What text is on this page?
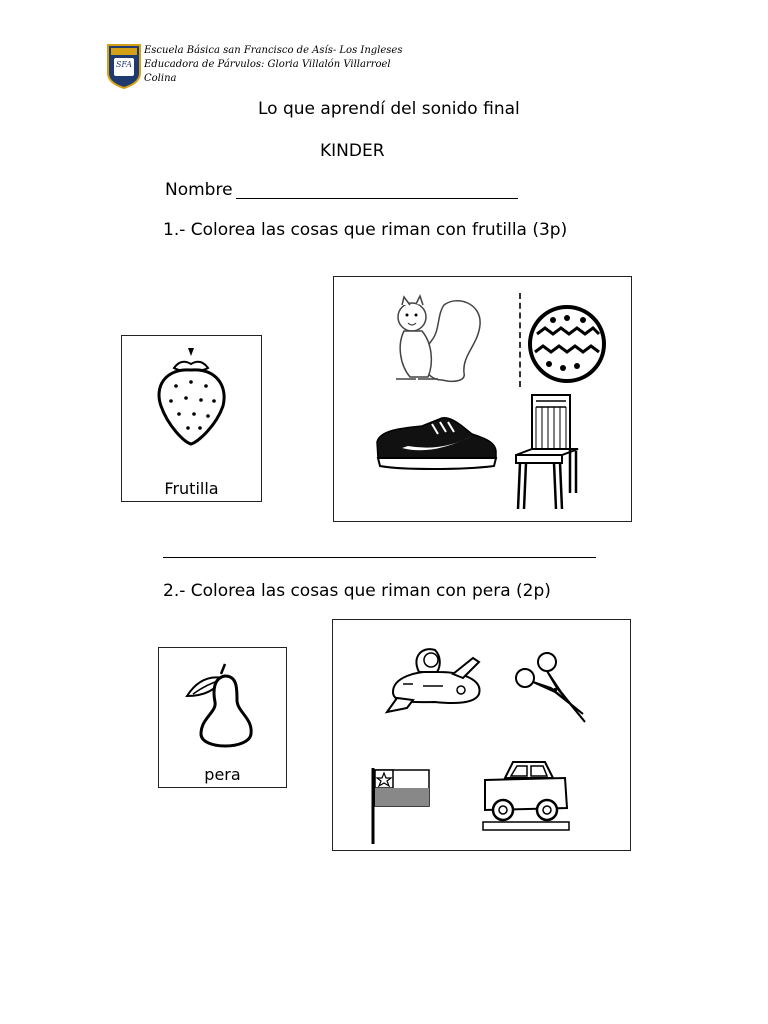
SFA
Escuela Básica san Francisco de Asís- Los Ingleses
Educadora de Párvulos: Gloria Villalón Villarroel
Colina
Lo que aprendí del sonido final
KINDER
Nombre
1.- Colorea las cosas que riman con frutilla (3p)
Frutilla
2.- Colorea las cosas que riman con pera (2p)
pera
